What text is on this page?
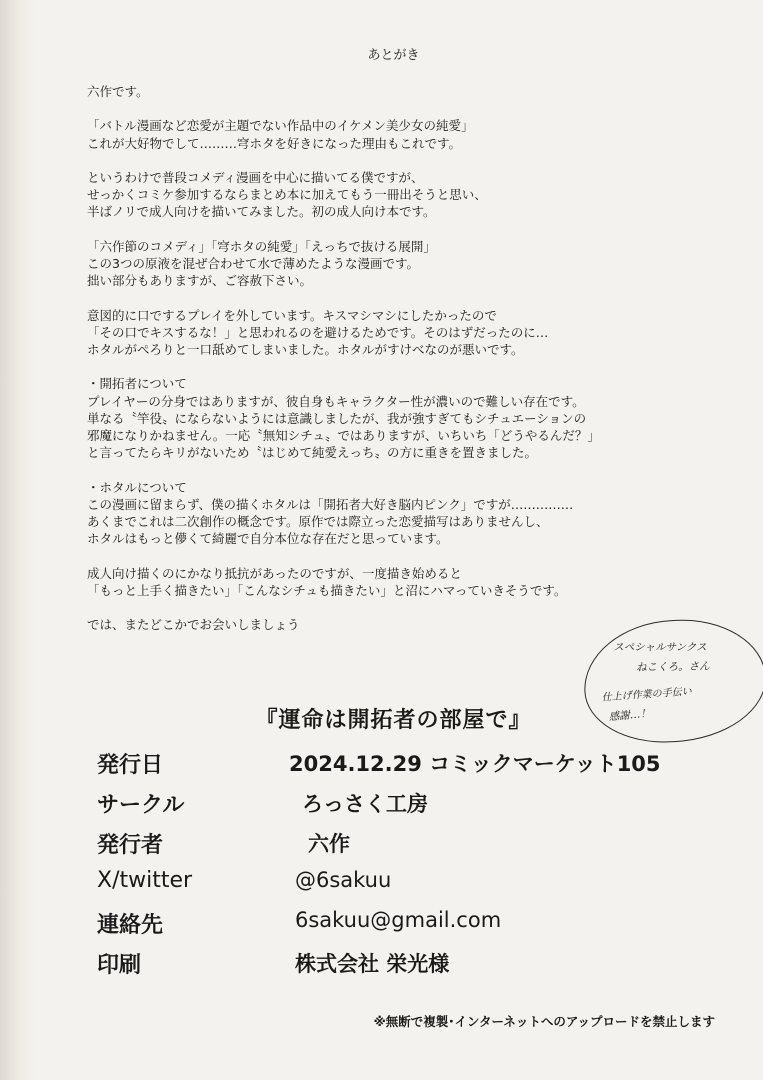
あとがき

六作です。

「バトル漫画など恋愛が主題でない作品中のイケメン美少女の純愛」
これが大好物でして………穹ホタを好きになった理由もこれです。

というわけで普段コメディ漫画を中心に描いてる僕ですが、
せっかくコミケ参加するならまとめ本に加えてもう一冊出そうと思い、
半ばノリで成人向けを描いてみました。初の成人向け本です。

「六作節のコメディ」「穹ホタの純愛」「えっちで抜ける展開」
この3つの原液を混ぜ合わせて水で薄めたような漫画です。
拙い部分もありますが、ご容赦下さい。

意図的に口でするプレイを外しています。キスマシマシにしたかったので
「その口でキスするな！」と思われるのを避けるためです。そのはずだったのに…
ホタルがぺろりと一口舐めてしまいました。ホタルがすけべなのが悪いです。

・開拓者について
プレイヤーの分身ではありますが、彼自身もキャラクター性が濃いので難しい存在です。
単なる〝竿役〟にならないようには意識しましたが、我が強すぎてもシチュエーションの
邪魔になりかねません。一応〝無知シチュ〟ではありますが、いちいち「どうやるんだ？」
と言ってたらキリがないため〝はじめて純愛えっち〟の方に重きを置きました。

・ホタルについて
この漫画に留まらず、僕の描くホタルは「開拓者大好き脳内ピンク」ですが……………
あくまでこれは二次創作の概念です。原作では際立った恋愛描写はありませんし、
ホタルはもっと儚くて綺麗で自分本位な存在だと思っています。

成人向け描くのにかなり抵抗があったのですが、一度描き始めると
「もっと上手く描きたい」「こんなシチュも描きたい」と沼にハマっていきそうです。

では、またどこかでお会いしましょう

スペシャルサンクス
ねこくろ。さん
仕上げ作業の手伝い
感謝…！
『運命は開拓者の部屋で』
発行日	2024.12.29 コミックマーケット105
サークル	ろっさく工房
発行者	六作
X/twitter	@6sakuu
連絡先	6sakuu@gmail.com
印刷	株式会社 栄光様
※無断で複製･インターネットへのアップロードを禁止します
